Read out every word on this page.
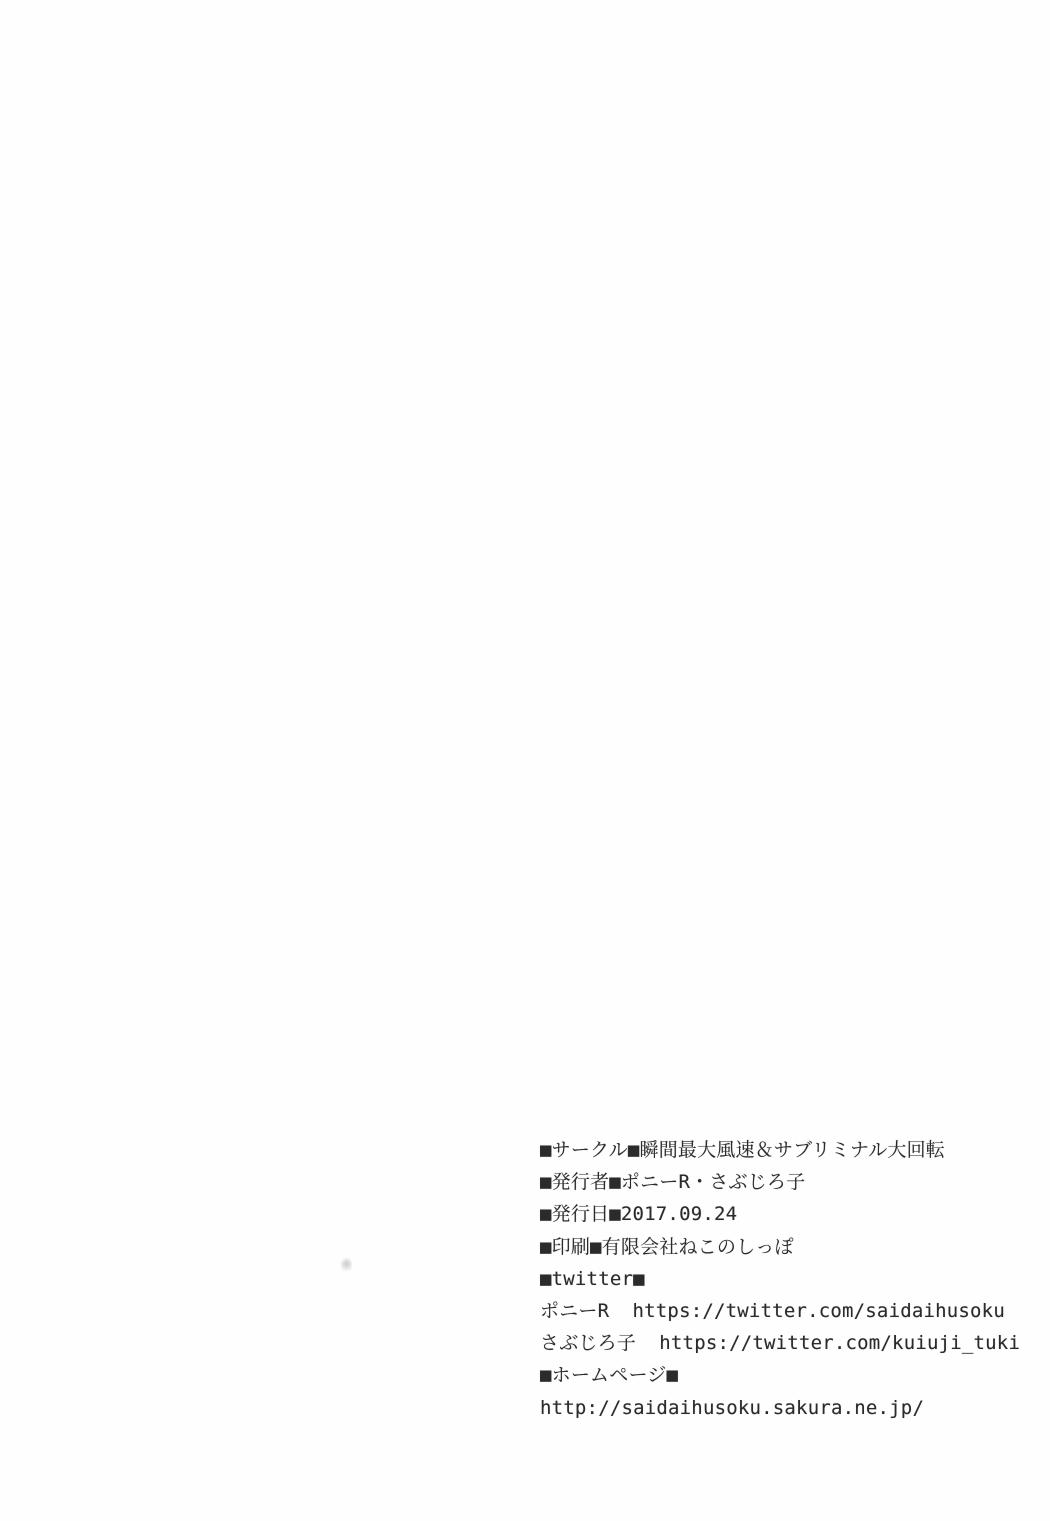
■サークル■瞬間最大風速＆サブリミナル大回転
■発行者■ポニーR・さぶじろ子
■発行日■2017.09.24
■印刷■有限会社ねこのしっぽ
■twitter■
ポニーR  https://twitter.com/saidaihusoku
さぶじろ子  https://twitter.com/kuiuji_tuki
■ホームページ■
http://saidaihusoku.sakura.ne.jp/
